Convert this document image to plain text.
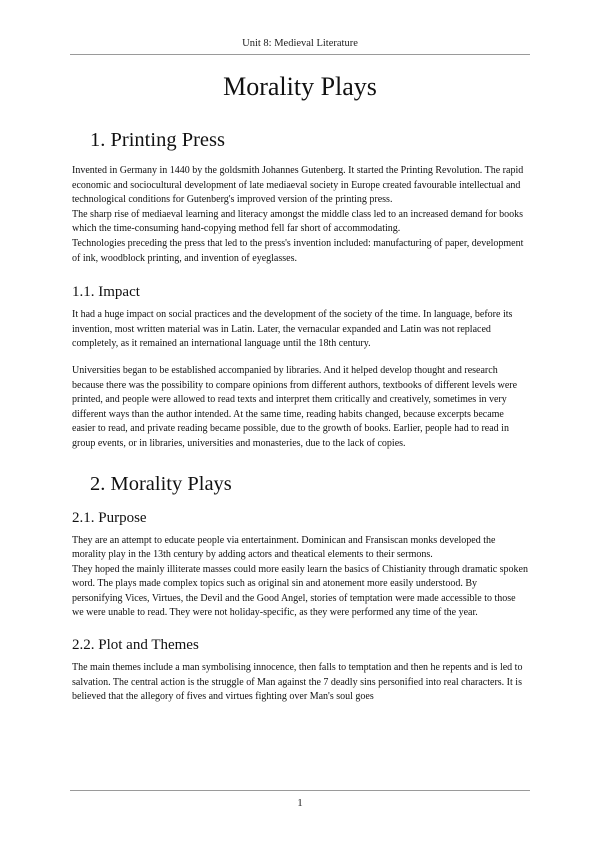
Unit 8: Medieval Literature
Morality Plays
1. Printing Press

Invented in Germany in 1440 by the goldsmith Johannes Gutenberg. It started the Printing Revolution. The rapid economic and sociocultural development of late mediaeval society in Europe created favourable intellectual and technological conditions for Gutenberg's improved version of the printing press.

The sharp rise of mediaeval learning and literacy amongst the middle class led to an increased demand for books which the time-consuming hand-copying method fell far short of accommodating.

Technologies preceding the press that led to the press's invention included: manufacturing of paper, development of ink, woodblock printing, and invention of eyeglasses.

1.1. Impact

It had a huge impact on social practices and the development of the society of the time. In language, before its invention, most written material was in Latin. Later, the vernacular expanded and Latin was not replaced completely, as it remained an international language until the 18th century.

Universities began to be established accompanied by libraries. And it helped develop thought and research because there was the possibility to compare opinions from different authors, textbooks of different levels were printed, and people were allowed to read texts and interpret them critically and creatively, sometimes in very different ways than the author intended. At the same time, reading habits changed, because excerpts became easier to read, and private reading became possible, due to the growth of books. Earlier, people had to read in group events, or in libraries, universities and monasteries, due to the lack of copies.

2. Morality Plays
2.1. Purpose

They are an attempt to educate people via entertainment. Dominican and Fransiscan monks developed the morality play in the 13th century by adding actors and theatical elements to their sermons.

They hoped the mainly illiterate masses could more easily learn the basics of Chistianity through dramatic spoken word. The plays made complex topics such as original sin and atonement more easily understood. By personifying Vices, Virtues, the Devil and the Good Angel, stories of temptation were made accessible to those we were unable to read. They were not holiday-specific, as they were performed any time of the year.

2.2. Plot and Themes

The main themes include a man symbolising innocence, then falls to temptation and then he repents and is led to salvation. The central action is the struggle of Man against the 7 deadly sins personified into real characters. It is believed that the allegory of fives and virtues fighting over Man's soul goes

1
